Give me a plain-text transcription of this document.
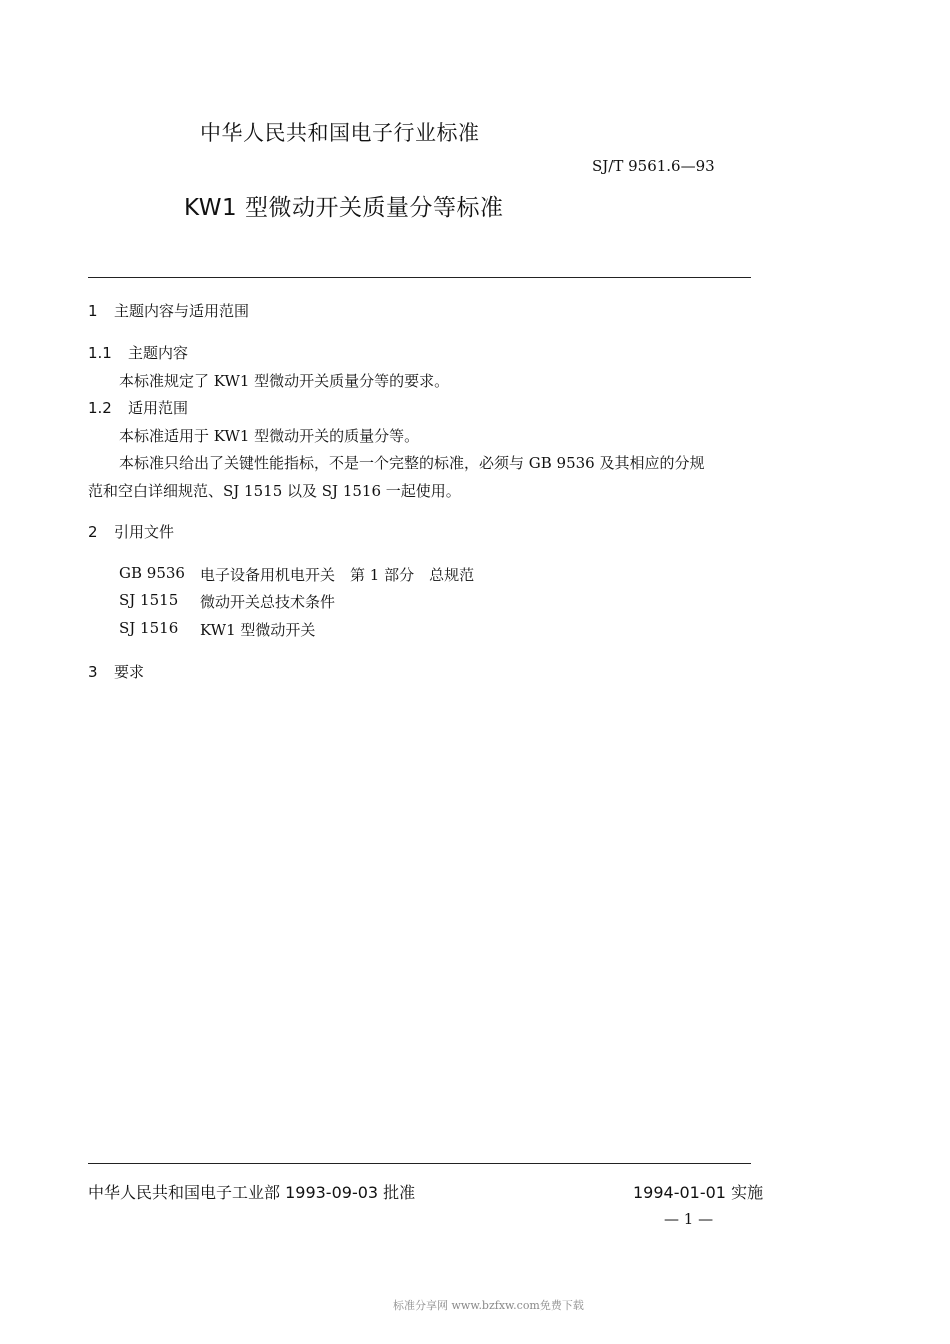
中华人民共和国电子行业标准
SJ/T 9561.6—93
KW1 型微动开关质量分等标准
1 主题内容与适用范围
1.1 主题内容
本标准规定了 KW1 型微动开关质量分等的要求。
1.2 适用范围
本标准适用于 KW1 型微动开关的质量分等。
本标准只给出了关键性能指标，不是一个完整的标准，必须与 GB 9536 及其相应的分规
范和空白详细规范、SJ 1515 以及 SJ 1516 一起使用。
2 引用文件
GB 9536 电子设备用机电开关　第 1 部分　总规范
SJ 1515 微动开关总技术条件
SJ 1516 KW1 型微动开关
3 要求
中华人民共和国电子工业部 1993-09-03 批准	1994-01-01 实施
— 1 —
标准分享网 www.bzfxw.com免费下载
